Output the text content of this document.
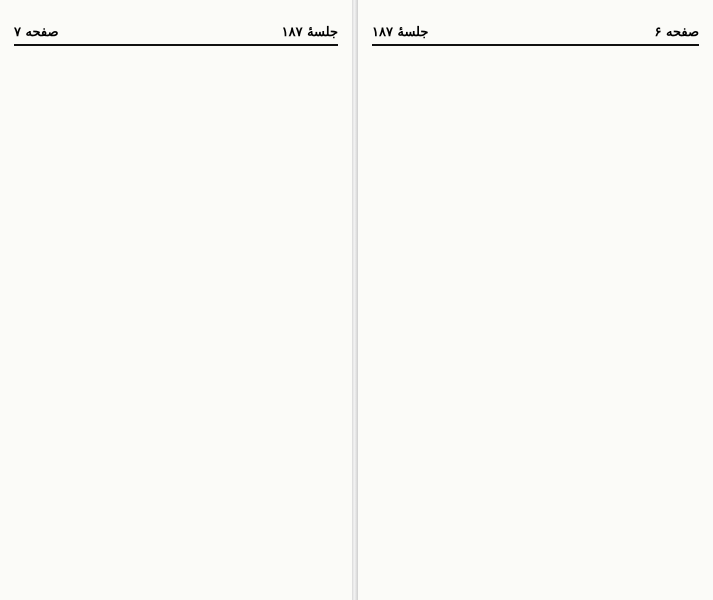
جلسهٔ ۱۸۷
صفحه ۷	صفحه ۶
جلسهٔ ۱۸۷
